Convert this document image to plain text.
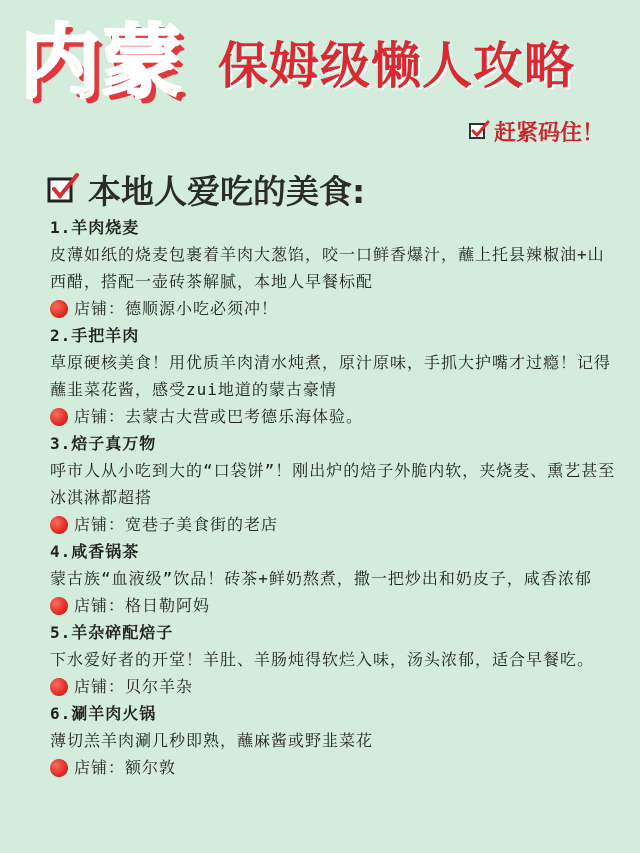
内蒙 保姆级懒人攻略
赶紧码住！
本地人爱吃的美食:
1.羊肉烧麦
皮薄如纸的烧麦包裹着羊肉大葱馅，咬一口鲜香爆汁，蘸上托县辣椒油+山西醋，搭配一壶砖茶解腻，本地人早餐标配
店铺：德顺源小吃必须冲！
2.手把羊肉
草原硬核美食！用优质羊肉清水炖煮，原汁原味，手抓大护嘴才过瘾！记得蘸韭菜花酱，感受zui地道的蒙古豪情
店铺：去蒙古大营或巴考德乐海体验。
3.焙子真万物
呼市人从小吃到大的“口袋饼”！刚出炉的焙子外脆内软，夹烧麦、熏艺甚至冰淇淋都超搭
店铺：宽巷子美食街的老店
4.咸香锅茶
蒙古族“血液级”饮品！砖茶+鲜奶熬煮，撒一把炒出和奶皮子，咸香浓郁
店铺：格日勒阿妈
5.羊杂碎配焙子
下水爱好者的开堂！羊肚、羊肠炖得软烂入味，汤头浓郁，适合早餐吃。
店铺：贝尔羊杂
6.涮羊肉火锅
薄切羔羊肉涮几秒即熟，蘸麻酱或野韭菜花
店铺：额尔敦
